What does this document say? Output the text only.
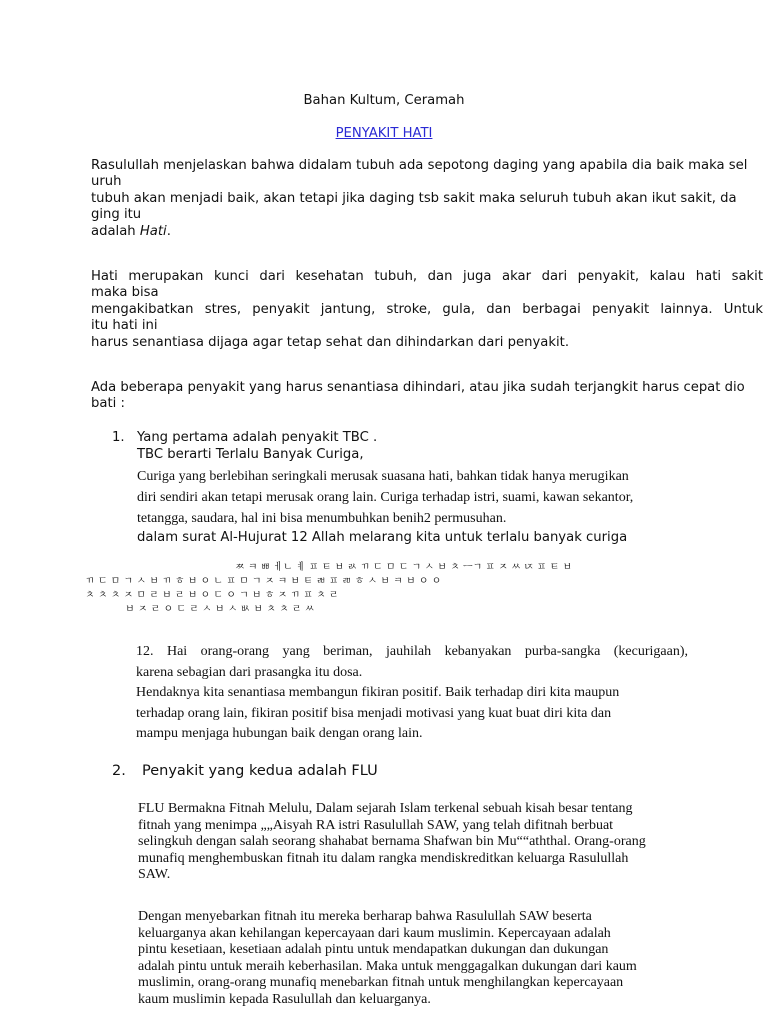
Bahan Kultum, Ceramah
PENYAKIT HATI
Rasulullah menjelaskan bahwa didalam tubuh ada sepotong daging yang apabila dia baik maka sel
uruh
tubuh akan menjadi baik, akan tetapi jika daging tsb sakit maka seluruh tubuh akan ikut sakit, da
ging itu
adalah Hati.
Hati merupakan kunci dari kesehatan tubuh, dan juga akar dari penyakit, kalau hati sakit
maka bisa
mengakibatkan stres, penyakit jantung, stroke, gula, dan berbagai penyakit lainnya. Untuk
itu hati ini
harus senantiasa dijaga agar tetap sehat dan dihindarkan dari penyakit.
Ada beberapa penyakit yang harus senantiasa dihindari, atau jika sudah terjangkit harus cepat dio
bati :
1. Yang pertama adalah penyakit TBC .
TBC berarti Terlalu Banyak Curiga,
Curiga yang berlebihan seringkali merusak suasana hati, bahkan tidak hanya merugikan
diri sendiri akan tetapi merusak orang lain. Curiga terhadap istri, suami, kawan sekantor,
tetangga, saudara, hal ini bisa menumbuhkan benih2 permusuhan.
dalam surat Al-Hujurat 12 Allah melarang kita untuk terlalu banyak curiga
ㅉ ㅋ ㅃ ㅔㄴ ㅖ ㅍ ㅌ ㅂ ㄽ ㄲ ㄷ ㅁ ㄷ ㄱ ㅅ ㅂ ㅊ ㅡㄱ ㅍ ㅈ ㅆ ㄵ ㅍ ㅌ ㅂ
ㄲ ㄷ ㅁ ㄱ ㅅ ㅂ ㄲ ㅎ ㅂ ㅇ ㄴ ㅍ ㅁ ㄱ ㅈ ㅋ ㅂ ㅌ ㄼ ㅍ ㄻ ㅎ ㅅ ㅂ ㅋ ㅂ ㅇ ㅇ
ㅊ ㅊ ㅊ ㅈ ㅁ ㄹ ㅂ ㄹ ㅂ ㅇ ㄷ ㅇ ㄱ ㅂ ㅎ ㅈ ㄲ ㅍ ㅊ ㄹ
ㅂ ㅈ ㄹ ㅇ ㄷ ㄹ ㅅ ㅂ ㅅ ㅄ ㅂ ㅊ ㅊ ㄹ ㅆ
12. Hai orang-orang yang beriman, jauhilah kebanyakan purba-sangka (kecurigaan),
karena sebagian dari prasangka itu dosa.
Hendaknya kita senantiasa membangun fikiran positif. Baik terhadap diri kita maupun
terhadap orang lain, fikiran positif bisa menjadi motivasi yang kuat buat diri kita dan
mampu menjaga hubungan baik dengan orang lain.
2. Penyakit yang kedua adalah FLU
FLU Bermakna Fitnah Melulu, Dalam sejarah Islam terkenal sebuah kisah besar tentang
fitnah yang menimpa „„Aisyah RA istri Rasulullah SAW, yang telah difitnah berbuat
selingkuh dengan salah seorang shahabat bernama Shafwan bin Mu““aththal. Orang-orang
munafiq menghembuskan fitnah itu dalam rangka mendiskreditkan keluarga Rasulullah
SAW.
Dengan menyebarkan fitnah itu mereka berharap bahwa Rasulullah SAW beserta
keluarganya akan kehilangan kepercayaan dari kaum muslimin. Kepercayaan adalah
pintu kesetiaan, kesetiaan adalah pintu untuk mendapatkan dukungan dan dukungan
adalah pintu untuk meraih keberhasilan. Maka untuk menggagalkan dukungan dari kaum
muslimin, orang-orang munafiq menebarkan fitnah untuk menghilangkan kepercayaan
kaum muslimin kepada Rasulullah dan keluarganya.
